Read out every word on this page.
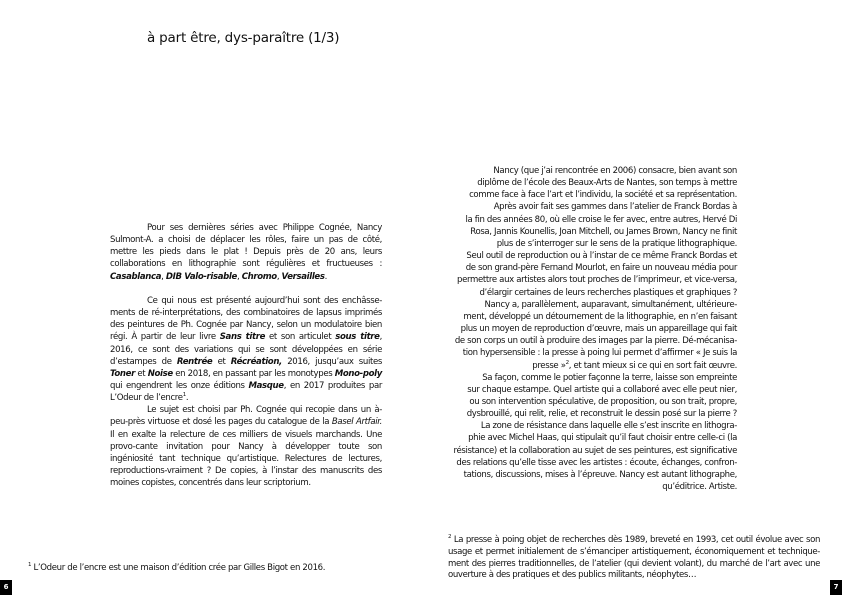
à part être, dys-paraître (1/3)

Pour ses dernières séries avec Philippe Cognée, Nancy Sulmont-A. a choisi de déplacer les rôles, faire un pas de côté, mettre les pieds dans le plat ! Depuis près de 20 ans, leurs collaborations en lithographie sont régulières et fructueuses : Casablanca, DIB Valo-risable, Chromo, Versailles.

Ce qui nous est présenté aujourd’hui sont des enchâsse-ments de ré-interprétations, des combinatoires de lapsus imprimés des peintures de Ph. Cognée par Nancy, selon un modulatoire bien régi. À partir de leur livre Sans titre et son articulet sous titre, 2016, ce sont des variations qui se sont développées en série d’estampes de Rentrée et Récréation, 2016, jusqu’aux suites Toner et Noise en 2018, en passant par les monotypes Mono-poly qui engendrent les onze éditions Masque, en 2017 produites par L’Odeur de l’encre$^1$.

Le sujet est choisi par Ph. Cognée qui recopie dans un à-peu-près virtuose et dosé les pages du catalogue de la Basel Artfair. Il en exalte la relecture de ces milliers de visuels marchands. Une provo-cante invitation pour Nancy à développer toute son ingéniosité tant technique qu’artistique. Relectures de lectures, reproductions-vraiment ? De copies, à l’instar des manuscrits des moines copistes, concentrés dans leur scriptorium.

$^1$ L’Odeur de l’encre est une maison d’édition crée par Gilles Bigot en 2016.
6
Nancy (que j’ai rencontrée en 2006) consacre, bien avant son
diplôme de l’école des Beaux-Arts de Nantes, son temps à mettre
comme face à face l’art et l’individu, la société et sa représentation.
Après avoir fait ses gammes dans l’atelier de Franck Bordas à
la fin des années 80, où elle croise le fer avec, entre autres, Hervé Di
Rosa, Jannis Kounellis, Joan Mitchell, ou James Brown, Nancy ne finit
plus de s’interroger sur le sens de la pratique lithographique.
Seul outil de reproduction ou à l’instar de ce même Franck Bordas et
de son grand-père Fernand Mourlot, en faire un nouveau média pour
permettre aux artistes alors tout proches de l’imprimeur, et vice-versa,
d’élargir certaines de leurs recherches plastiques et graphiques ?
Nancy a, parallèlement, auparavant, simultanément, ultérieure-
ment, développé un détournement de la lithographie, en n’en faisant
plus un moyen de reproduction d’œuvre, mais un appareillage qui fait
de son corps un outil à produire des images par la pierre. Dé-mécanisa-
tion hypersensible : la presse à poing lui permet d’affirmer « Je suis la
presse »$^2$, et tant mieux si ce qui en sort fait œuvre.
Sa façon, comme le potier façonne la terre, laisse son empreinte
sur chaque estampe. Quel artiste qui a collaboré avec elle peut nier,
ou son intervention spéculative, de proposition, ou son trait, propre,
dysbrouillé, qui relit, relie, et reconstruit le dessin posé sur la pierre ?
La zone de résistance dans laquelle elle s’est inscrite en lithogra-
phie avec Michel Haas, qui stipulait qu’il faut choisir entre celle-ci (la
résistance) et la collaboration au sujet de ses peintures, est significative
des relations qu’elle tisse avec les artistes : écoute, échanges, confron-
tations, discussions, mises à l’épreuve. Nancy est autant lithographe,
qu’éditrice. Artiste.
$^2$ La presse à poing objet de recherches dès 1989, breveté en 1993, cet outil évolue avec son
usage et permet initialement de s’émanciper artistiquement, économiquement et technique-
ment des pierres traditionnelles, de l’atelier (qui devient volant), du marché de l’art avec une
ouverture à des pratiques et des publics militants, néophytes…
7
